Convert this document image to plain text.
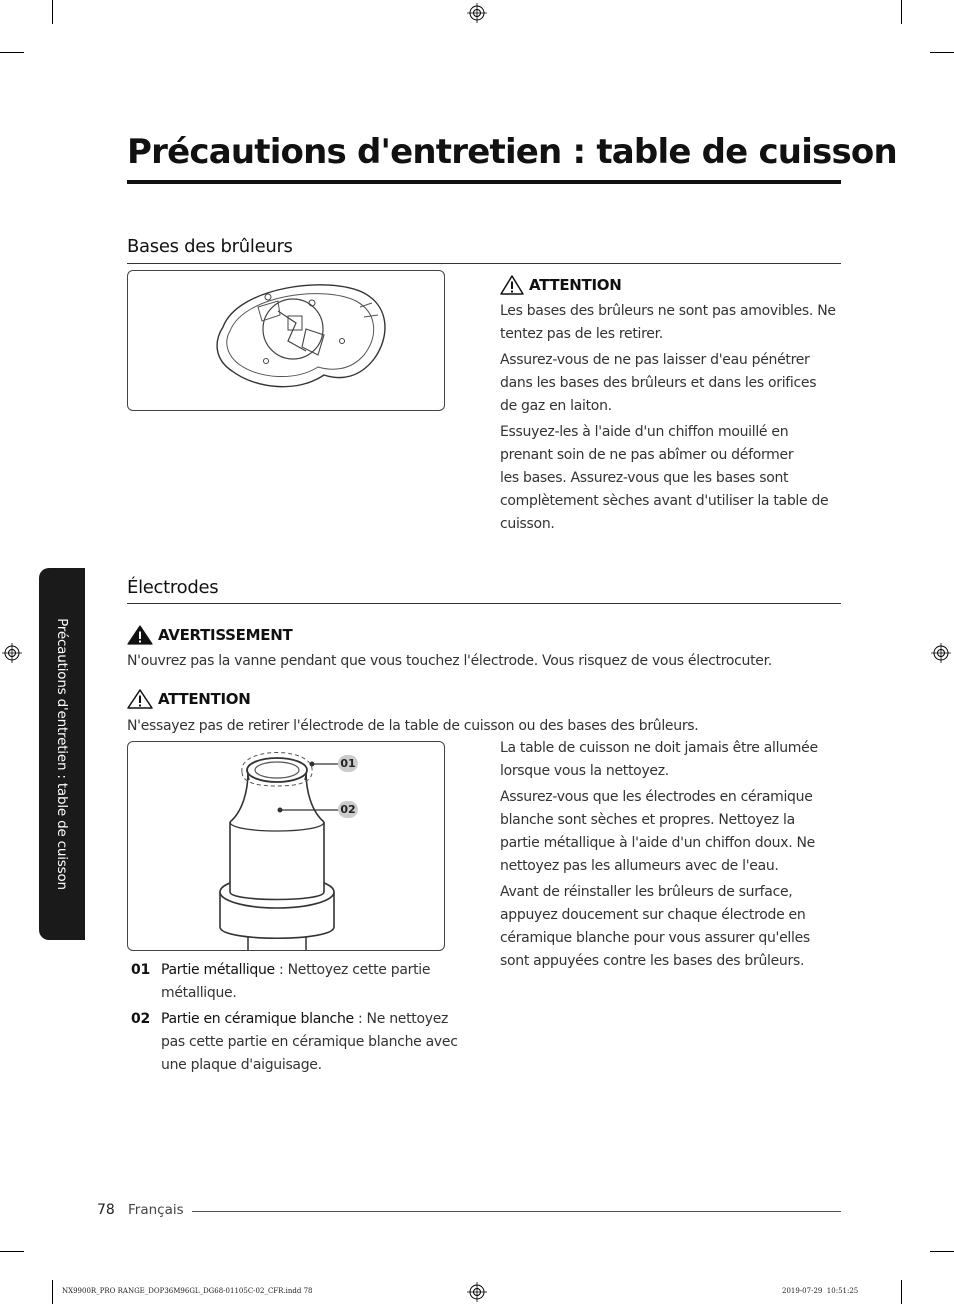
Précautions d'entretien : table de cuisson
Précautions d'entretien : table de cuisson
Bases des brûleurs
ATTENTION
Les bases des brûleurs ne sont pas amovibles. Ne
tentez pas de les retirer.
Assurez-vous de ne pas laisser d'eau pénétrer
dans les bases des brûleurs et dans les orifices
de gaz en laiton.
Essuyez-les à l'aide d'un chiffon mouillé en
prenant soin de ne pas abîmer ou déformer
les bases. Assurez-vous que les bases sont
complètement sèches avant d'utiliser la table de
cuisson.
Électrodes
AVERTISSEMENT
N'ouvrez pas la vanne pendant que vous touchez l'électrode. Vous risquez de vous électrocuter.
ATTENTION
N'essayez pas de retirer l'électrode de la table de cuisson ou des bases des brûleurs.
01
02
01 Partie métallique : Nettoyez cette partie
métallique.
02 Partie en céramique blanche : Ne nettoyez
pas cette partie en céramique blanche avec
une plaque d'aiguisage.
La table de cuisson ne doit jamais être allumée
lorsque vous la nettoyez.
Assurez-vous que les électrodes en céramique
blanche sont sèches et propres. Nettoyez la
partie métallique à l'aide d'un chiffon doux. Ne
nettoyez pas les allumeurs avec de l'eau.
Avant de réinstaller les brûleurs de surface,
appuyez doucement sur chaque électrode en
céramique blanche pour vous assurer qu'elles
sont appuyées contre les bases des brûleurs.
78 Français
NX9900R_PRO RANGE_DOP36M96GL_DG68-01105C-02_CFR.indd 78	2019-07-29 ￼ 10:51:25
